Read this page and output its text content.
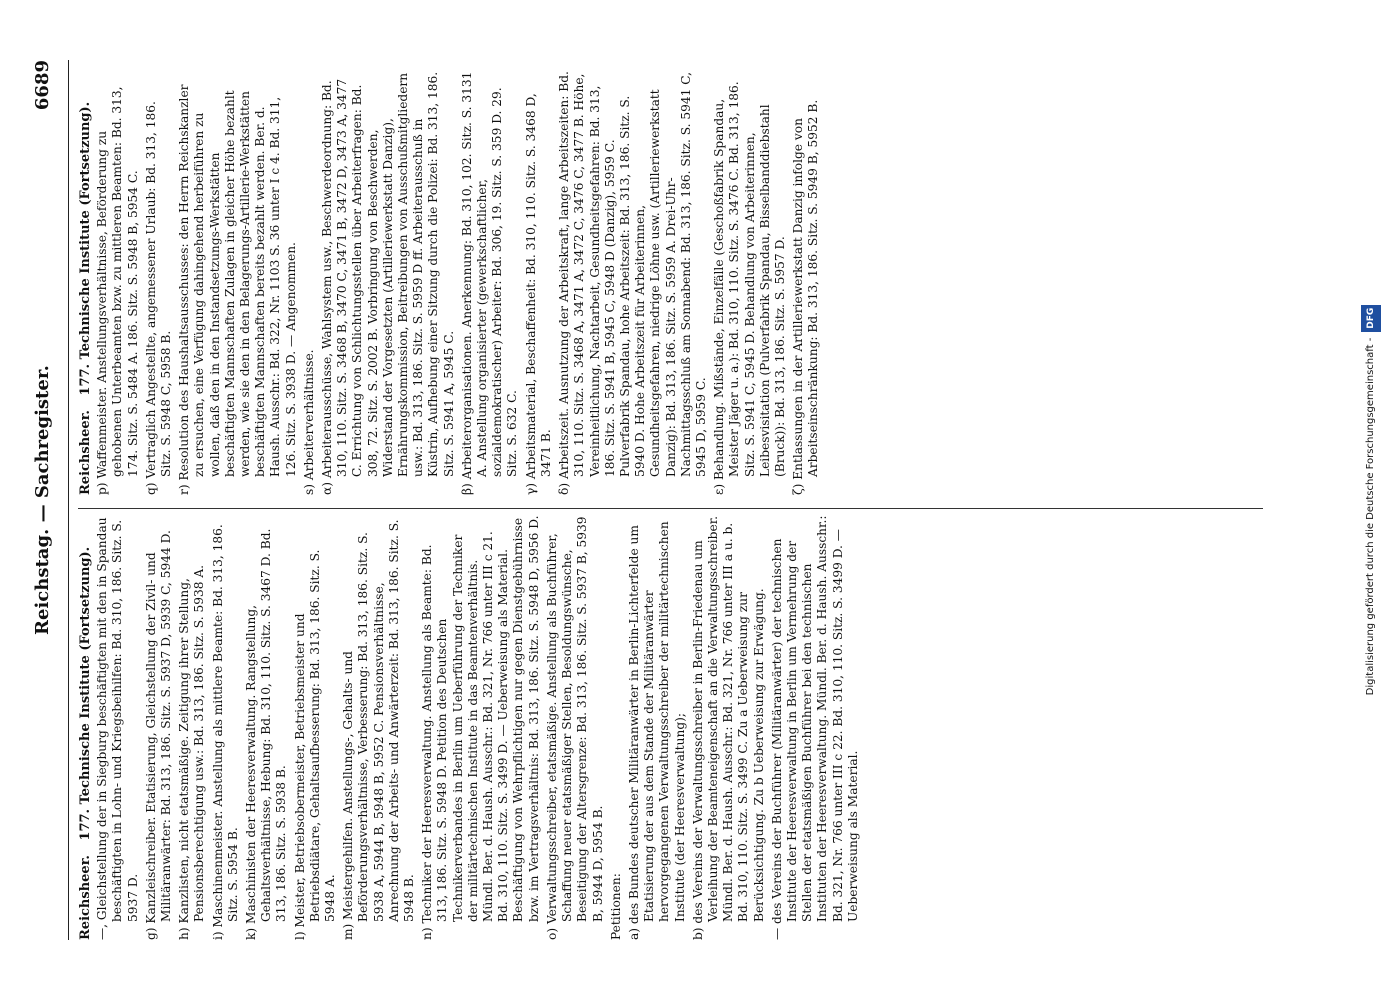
Reichstag. — Sachregister.
6689
Reichsheer. 177. Technische Institute (Fortsetzung). —, Gleichstellung der in Siegburg beschäftigten mit den in Spandau beschäftigten in Lohn- und Kriegsbeihilfen: Bd. 310, 186. Sitz. S. 5937 D. g) Kanzleischreiber. Etatisierung, Gleichstellung der Zivil- und Militäranwärter: Bd. 313, 186. Sitz. S. 5937 D, 5939 C, 5944 D. h) Kanzlisten, nicht etatsmäßige. Zeitigung ihrer Stellung, Pensionsberechtigung usw.: Bd. 313, 186. Sitz. S. 5938 A. i) Maschinenmeister. Anstellung als mittlere Beamte: Bd. 313, 186. Sitz. S. 5954 B. k) Maschinisten der Heeresverwaltung. Rangstellung, Gehaltsverhältnisse, Hebung: Bd. 310, 110. Sitz. S. 3467 D. Bd. 313, 186. Sitz. S. 5938 B. l) Meister, Betriebsobermeister, Betriebsmeister und Betriebsdiätare, Gehaltsaufbesserung: Bd. 313, 186. Sitz. S. 5948 A. m) Meistergehilfen. Anstellungs-, Gehalts- und Beförderungsverhältnisse, Verbesserung: Bd. 313, 186. Sitz. S. 5938 A, 5944 B, 5948 B, 5952 C. Pensionsverhältnisse, Anrechnung der Arbeits- und Anwärterzeit: Bd. 313, 186. Sitz. S. 5948 B. n) Techniker der Heeresverwaltung. Anstellung als Beamte: Bd. 313, 186. Sitz. S. 5948 D. Petition des Deutschen Technikerverbandes in Berlin um Ueberführung der Techniker der militärtechnischen Institute in das Beamtenverhältnis. Mündl. Ber. d. Haush. Ausschr.: Bd. 321, Nr. 766 unter III c 21. Bd. 310, 110. Sitz. S. 3499 D. — Ueberweisung als Material. Beschäftigung von Wehrpflichtigen nur gegen Dienstgebührnisse bzw. im Vertragsverhältnis: Bd. 313, 186. Sitz. S. 5948 D, 5956 D. o) Verwaltungsschreiber, etatsmäßige. Anstellung als Buchführer, Schaffung neuer etatsmäßiger Stellen, Besoldungswünsche, Beseitigung der Altersgrenze: Bd. 313, 186. Sitz. S. 5937 B, 5939 B, 5944 D, 5954 B. Petitionen: a) des Bundes deutscher Militäranwärter in Berlin-Lichterfelde um Etatisierung der aus dem Stande der Militäranwärter hervorgegangenen Verwaltungsschreiber der militärtechnischen Institute (der Heeresverwaltung); b) des Vereins der Verwaltungsschreiber in Berlin-Friedenau um Verleihung der Beamteneigenschaft an die Verwaltungsschreiber. Mündl. Ber. d. Haush. Ausschr.: Bd. 321, Nr. 766 unter III a u. b. Bd. 310, 110. Sitz. S. 3499 C. Zu a Ueberweisung zur Berücksichtigung. Zu b Ueberweisung zur Erwägung. — des Vereins der Buchführer (Militäranwärter) der technischen Institute der Heeresverwaltung in Berlin um Vermehrung der Stellen der etatsmäßigen Buchführer bei den technischen Instituten der Heeresverwaltung. Mündl. Ber. d. Haush. Ausschr.: Bd. 321, Nr. 766 unter III c 22. Bd. 310, 110. Sitz. S. 3499 D. — Ueberweisung als Material.

Reichsheer. 177. Technische Institute (Fortsetzung). p) Waffenmeister. Anstellungsverhältnisse, Beförderung zu gehobenen Unterbeamten bzw. zu mittleren Beamten: Bd. 313, 174. Sitz. S. 5484 A. 186. Sitz. S. 5948 B, 5954 C. q) Vertraglich Angestellte, angemessener Urlaub: Bd. 313, 186. Sitz. S. 5948 C, 5958 B. r) Resolution des Haushaltsausschusses: den Herrn Reichskanzler zu ersuchen, eine Verfügung dahingehend herbeiführen zu wollen, daß den in den Instandsetzungs-Werkstätten beschäftigten Mannschaften Zulagen in gleicher Höhe bezahlt werden, wie sie den in den Belagerungs-Artillerie-Werkstätten beschäftigten Mannschaften bereits bezahlt werden. Ber. d. Haush. Ausschr.: Bd. 322, Nr. 1103 S. 36 unter I c 4. Bd. 311, 126. Sitz. S. 3938 D. — Angenommen. s) Arbeiterverhältnisse. α) Arbeiterausschüsse, Wahlsystem usw., Beschwerdeordnung: Bd. 310, 110. Sitz. S. 3468 B, 3470 C, 3471 B, 3472 D, 3473 A, 3477 C. Errichtung von Schlichtungsstellen über Arbeiterfragen: Bd. 308, 72. Sitz. S. 2002 B. Vorbringung von Beschwerden, Widerstand der Vorgesetzten (Artilleriewerkstatt Danzig), Ernährungskommission, Beitreibungen von Ausschußmitgliedern usw.: Bd. 313, 186. Sitz. S. 5959 D ff. Arbeiterausschuß in Küstrin, Aufhebung einer Sitzung durch die Polizei: Bd. 313, 186. Sitz. S. 5941 A, 5945 C. β) Arbeiterorganisationen. Anerkennung: Bd. 310, 102. Sitz. S. 3131 A. Anstellung organisierter (gewerkschaftlicher, sozialdemokratischer) Arbeiter: Bd. 306, 19. Sitz. S. 359 D. 29. Sitz. S. 632 C. γ) Arbeitsmaterial, Beschaffenheit: Bd. 310, 110. Sitz. S. 3468 D, 3471 B. δ) Arbeitszeit. Ausnutzung der Arbeitskraft, lange Arbeitszeiten: Bd. 310, 110. Sitz. S. 3468 A, 3471 A, 3472 C, 3476 C, 3477 B. Höhe, Vereinheitlichung, Nachtarbeit, Gesundheitsgefahren: Bd. 313, 186. Sitz. S. 5941 B, 5945 C, 5948 D (Danzig), 5959 C. Pulverfabrik Spandau, hohe Arbeitszeit: Bd. 313, 186. Sitz. S. 5940 D. Hohe Arbeitszeit für Arbeiterinnen, Gesundheitsgefahren, niedrige Löhne usw. (Artilleriewerkstatt Danzig): Bd. 313, 186. Sitz. S. 5959 A. Drei-Uhr-Nachmittagsschluß am Sonnabend: Bd. 313, 186. Sitz. S. 5941 C, 5945 D, 5959 C. ε) Behandlung. Mißstände, Einzelfälle (Geschoßfabrik Spandau, Meister Jäger u. a.): Bd. 310, 110. Sitz. S. 3476 C. Bd. 313, 186. Sitz. S. 5941 C, 5945 D. Behandlung von Arbeiterinnen, Leibesvisitation (Pulverfabrik Spandau, Bisselbanddiebstahl (Bruck)): Bd. 313, 186. Sitz. S. 5957 D. ζ) Entlassungen in der Artilleriewerkstatt Danzig infolge von Arbeitseinschränkung: Bd. 313, 186. Sitz. S. 5949 B, 5952 B.

Digitalisierung gefördert durch die Deutsche Forschungsgemeinschaft -DFG
